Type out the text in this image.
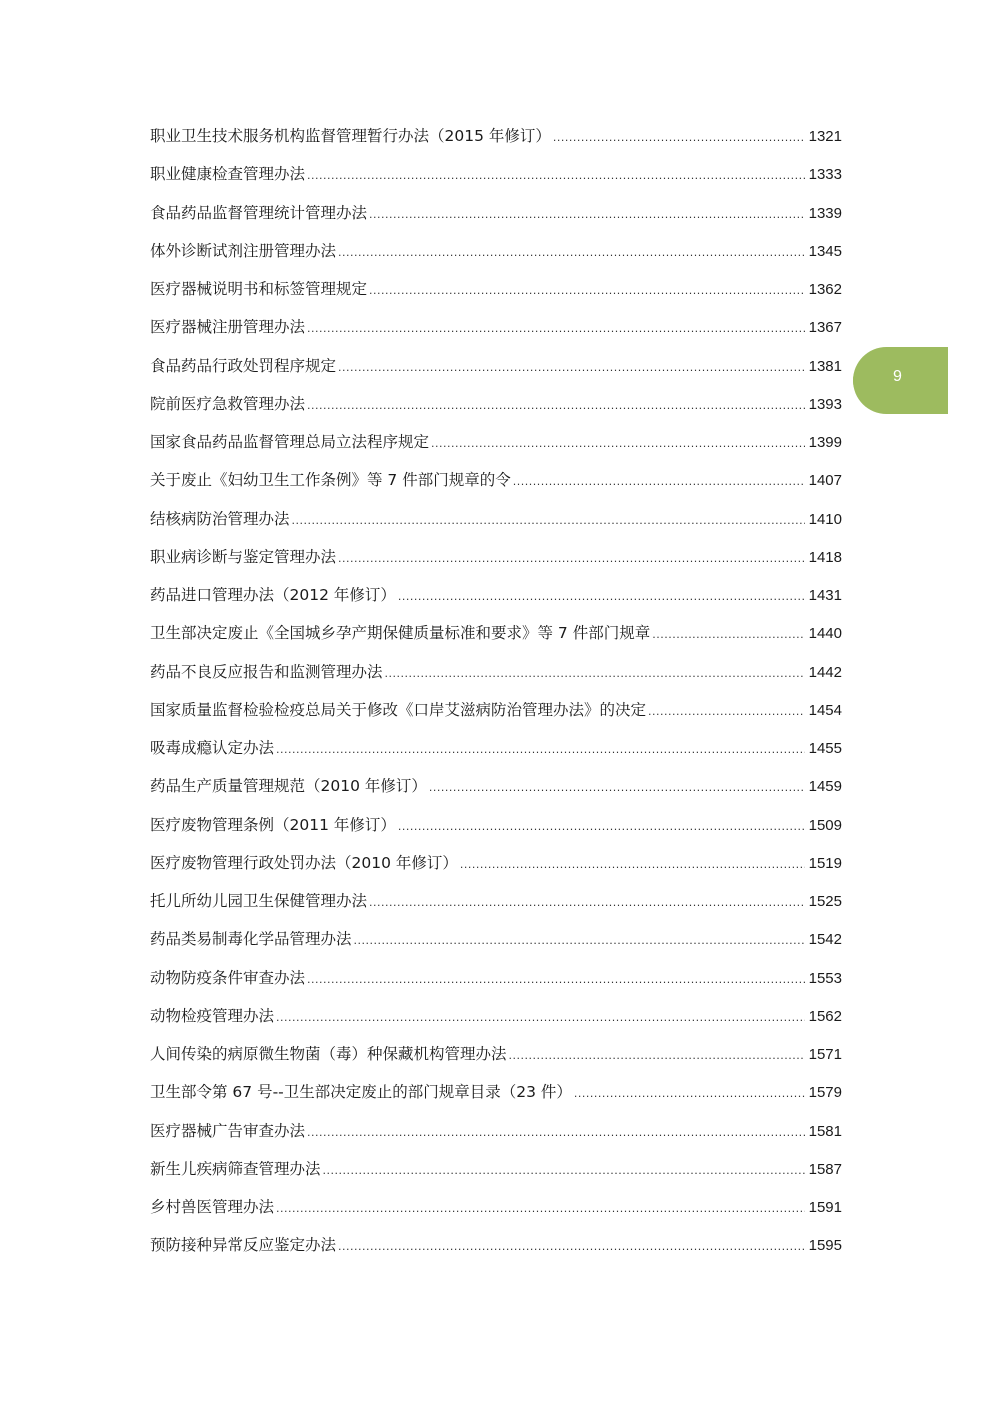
职业卫生技术服务机构监督管理暂行办法（2015 年修订） .....	1321
职业健康检查管理办法 .....	1333
食品药品监督管理统计管理办法 .....	1339
体外诊断试剂注册管理办法 .....	1345
医疗器械说明书和标签管理规定 .....	1362
医疗器械注册管理办法 .....	1367
食品药品行政处罚程序规定 .....	1381
院前医疗急救管理办法 .....	1393
国家食品药品监督管理总局立法程序规定 .....	1399
关于废止《妇幼卫生工作条例》等 7 件部门规章的令 .....	1407
结核病防治管理办法 .....	1410
职业病诊断与鉴定管理办法 .....	1418
药品进口管理办法（2012 年修订） .....	1431
卫生部决定废止《全国城乡孕产期保健质量标准和要求》等 7 件部门规章 .....	1440
药品不良反应报告和监测管理办法 .....	1442
国家质量监督检验检疫总局关于修改《口岸艾滋病防治管理办法》的决定 .....	1454
吸毒成瘾认定办法 .....	1455
药品生产质量管理规范（2010 年修订） .....	1459
医疗废物管理条例（2011 年修订） .....	1509
医疗废物管理行政处罚办法（2010 年修订） .....	1519
托儿所幼儿园卫生保健管理办法 .....	1525
药品类易制毒化学品管理办法 .....	1542
动物防疫条件审查办法 .....	1553
动物检疫管理办法 .....	1562
人间传染的病原微生物菌（毒）种保藏机构管理办法 .....	1571
卫生部令第 67 号--卫生部决定废止的部门规章目录（23 件） .....	1579
医疗器械广告审查办法 .....	1581
新生儿疾病筛查管理办法 .....	1587
乡村兽医管理办法 .....	1591
预防接种异常反应鉴定办法 .....	1595
9
